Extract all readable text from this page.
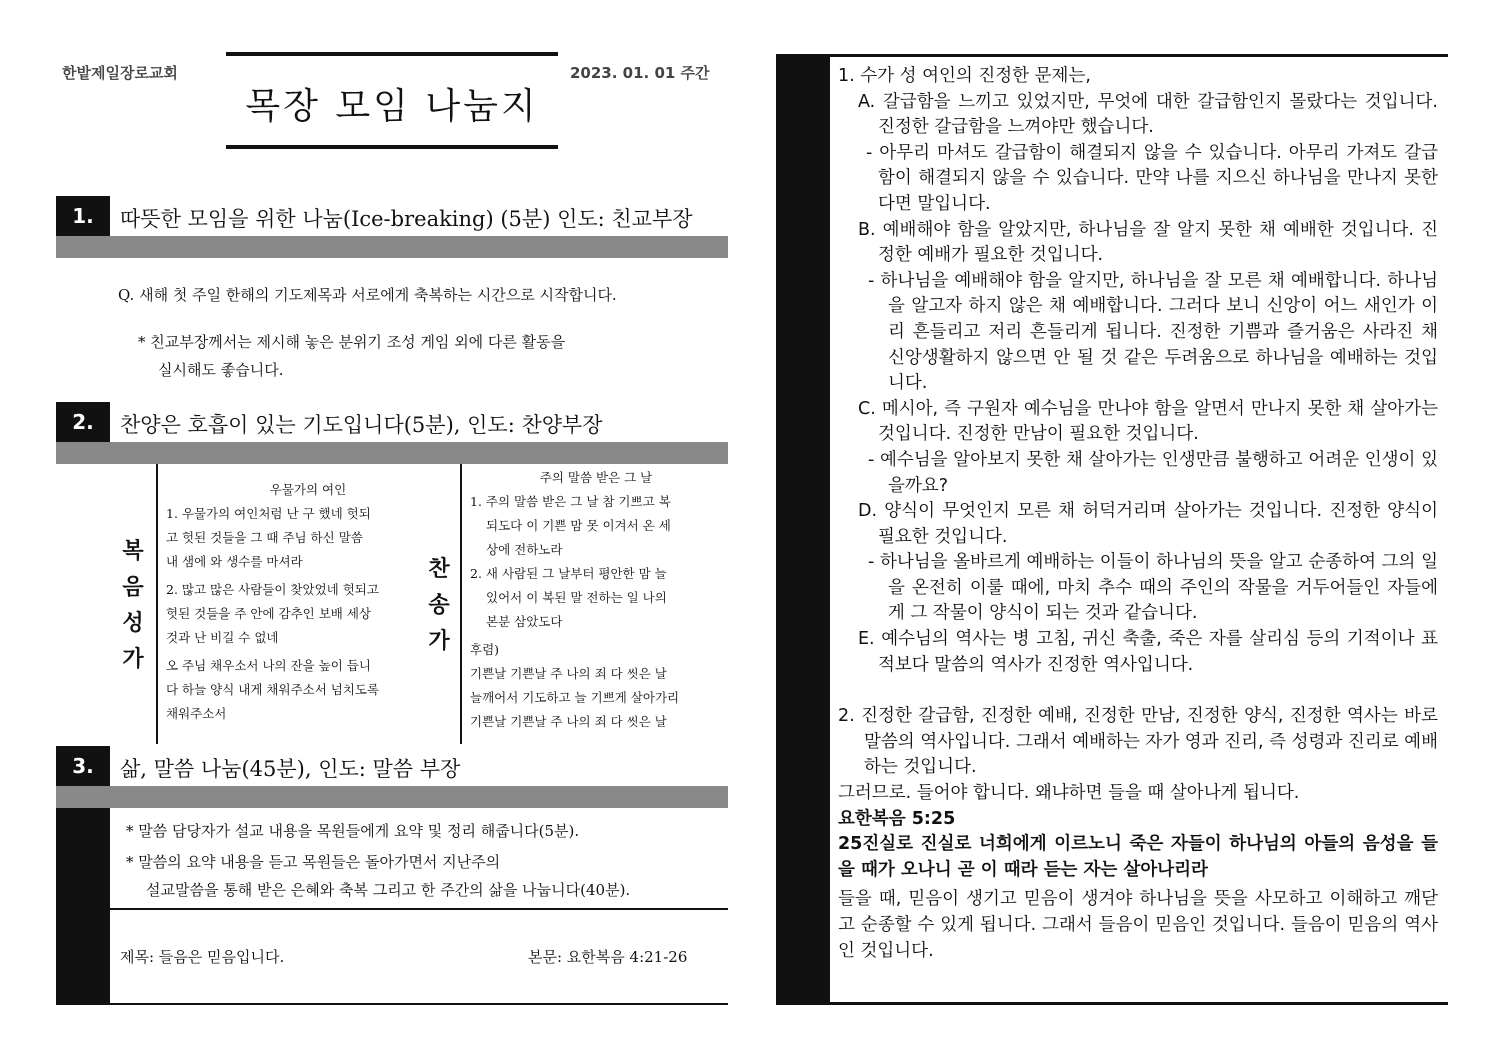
한밭제일장로교회
목장 모임 나눔지
2023. 01. 01 주간
1.	따뜻한 모임을 위한 나눔(Ice-breaking) (5분) 인도: 친교부장
Q. 새해 첫 주일 한해의 기도제목과 서로에게 축복하는 시간으로 시작합니다.
* 친교부장께서는 제시해 놓은 분위기 조성 게임 외에 다른 활동을
실시해도 좋습니다.
2.	찬양은 호흡이 있는 기도입니다(5분), 인도: 찬양부장
복
음
성
가
우물가의 여인
1. 우물가의 여인처럼 난 구 했네 헛되
고 헛된 것들을 그 때 주님 하신 말씀
내 샘에 와 생수를 마셔라
2. 많고 많은 사람들이 찾았었네 헛되고
헛된 것들을 주 안에 감추인 보배 세상
것과 난 비길 수 없네
오 주님 채우소서 나의 잔을 높이 듭니
다 하늘 양식 내게 채워주소서 넘치도록
채워주소서
찬
송
가
주의 말씀 받은 그 날
1. 주의 말씀 받은 그 날 참 기쁘고 복
되도다 이 기쁜 맘 못 이겨서 온 세
상에 전하노라
2. 새 사람된 그 날부터 평안한 맘 늘
있어서 이 복된 말 전하는 일 나의
본분 삼았도다
후렴)
기쁜날 기쁜날 주 나의 죄 다 씻은 날
늘깨어서 기도하고 늘 기쁘게 살아가리
기쁜날 기쁜날 주 나의 죄 다 씻은 날
3.	삶, 말씀 나눔(45분), 인도: 말씀 부장
* 말씀 담당자가 설교 내용을 목원들에게 요약 및 정리 해줍니다(5분).
* 말씀의 요약 내용을 듣고 목원들은 돌아가면서 지난주의
설교말씀을 통해 받은 은혜와 축복 그리고 한 주간의 삶을 나눕니다(40분).
제목: 들음은 믿음입니다.	본문: 요한복음 4:21-26

1. 수가 성 여인의 진정한 문제는,

A. 갈급함을 느끼고 있었지만, 무엇에 대한 갈급함인지 몰랐다는 것입니다. 진정한 갈급함을 느껴야만 했습니다.

- 아무리 마셔도 갈급함이 해결되지 않을 수 있습니다. 아무리 가져도 갈급함이 해결되지 않을 수 있습니다. 만약 나를 지으신 하나님을 만나지 못한다면 말입니다.

B. 예배해야 함을 알았지만, 하나님을 잘 알지 못한 채 예배한 것입니다. 진정한 예배가 필요한 것입니다.

- 하나님을 예배해야 함을 알지만, 하나님을 잘 모른 채 예배합니다. 하나님을 알고자 하지 않은 채 예배합니다. 그러다 보니 신앙이 어느 새인가 이리 흔들리고 저리 흔들리게 됩니다. 진정한 기쁨과 즐거움은 사라진 채 신앙생활하지 않으면 안 될 것 같은 두려움으로 하나님을 예배하는 것입니다.

C. 메시아, 즉 구원자 예수님을 만나야 함을 알면서 만나지 못한 채 살아가는 것입니다. 진정한 만남이 필요한 것입니다.

- 예수님을 알아보지 못한 채 살아가는 인생만큼 불행하고 어려운 인생이 있을까요?

D. 양식이 무엇인지 모른 채 허덕거리며 살아가는 것입니다. 진정한 양식이 필요한 것입니다.

- 하나님을 올바르게 예배하는 이들이 하나님의 뜻을 알고 순종하여 그의 일을 온전히 이룰 때에, 마치 추수 때의 주인의 작물을 거두어들인 자들에게 그 작물이 양식이 되는 것과 같습니다.

E. 예수님의 역사는 병 고침, 귀신 축출, 죽은 자를 살리심 등의 기적이나 표적보다 말씀의 역사가 진정한 역사입니다.

2. 진정한 갈급함, 진정한 예배, 진정한 만남, 진정한 양식, 진정한 역사는 바로 말씀의 역사입니다. 그래서 예배하는 자가 영과 진리, 즉 성령과 진리로 예배하는 것입니다.

그러므로. 들어야 합니다. 왜냐하면 들을 때 살아나게 됩니다.

요한복음 5:25

25진실로 진실로 너희에게 이르노니 죽은 자들이 하나님의 아들의 음성을 들을 때가 오나니 곧 이 때라 듣는 자는 살아나리라

들을 때, 믿음이 생기고 믿음이 생겨야 하나님을 뜻을 사모하고 이해하고 깨닫고 순종할 수 있게 됩니다. 그래서 들음이 믿음인 것입니다. 들음이 믿음의 역사인 것입니다.
